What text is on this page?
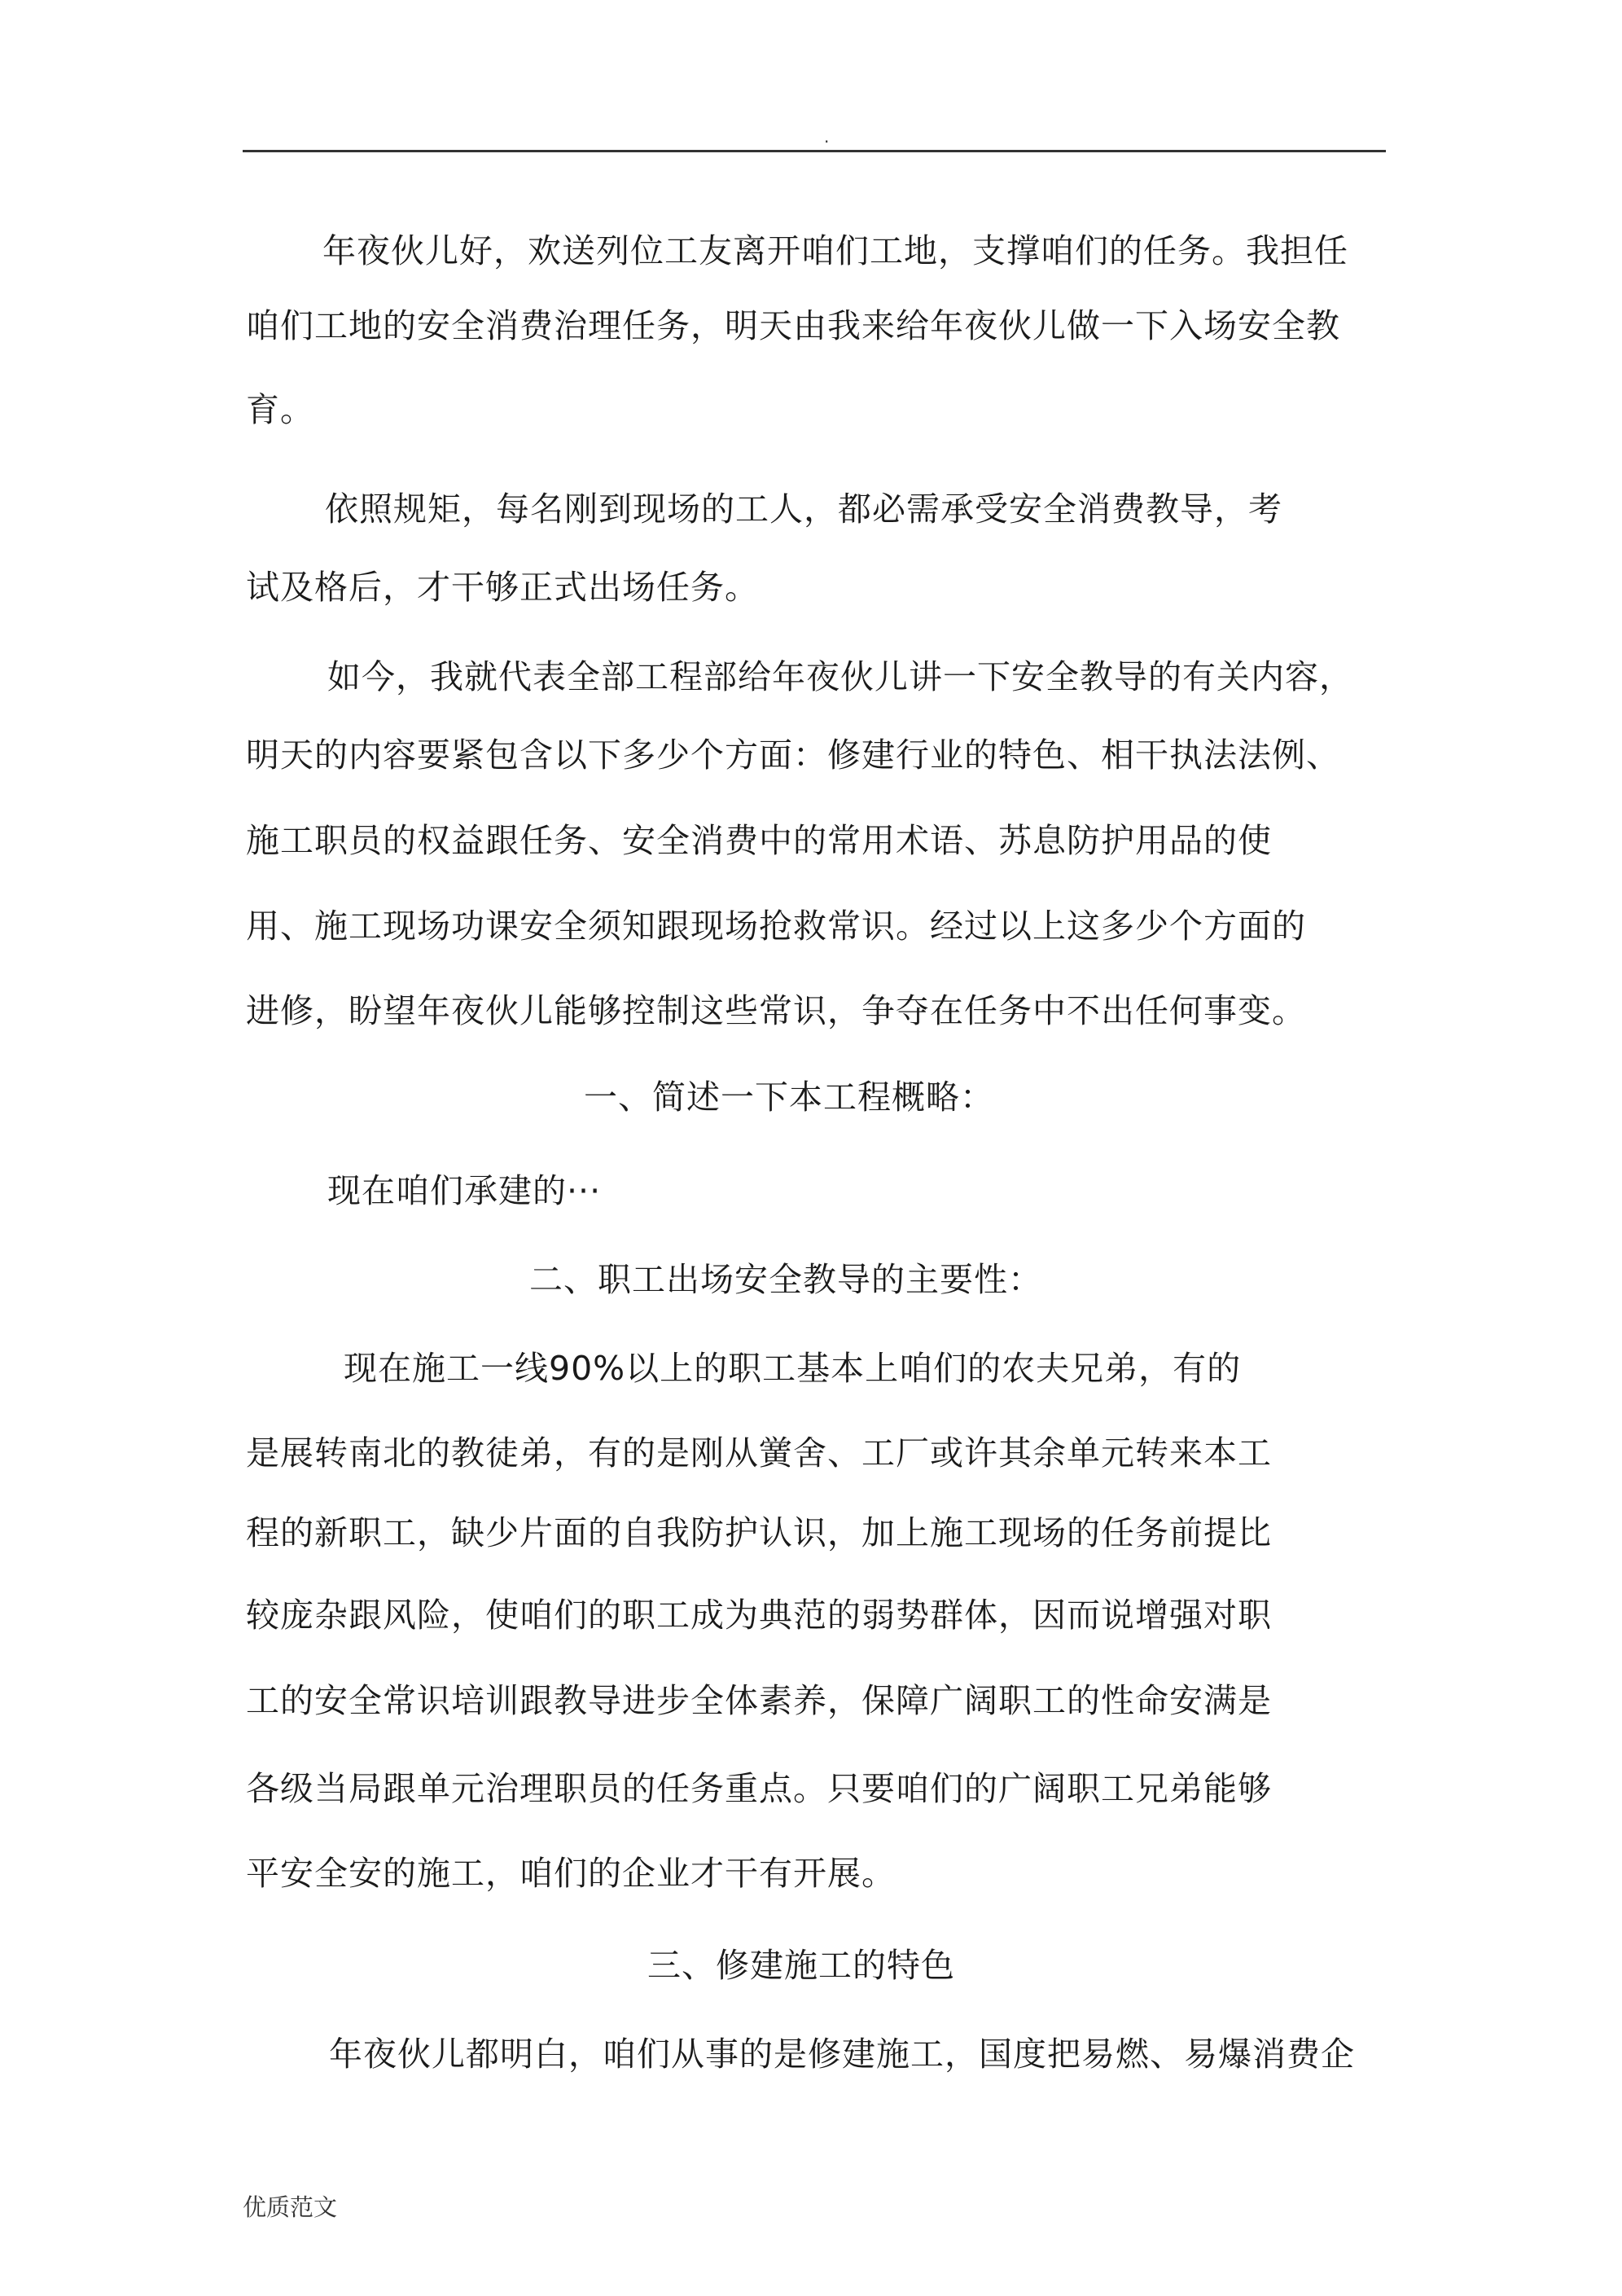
.
年夜伙儿好，欢送列位工友离开咱们工地，支撑咱们的任务。我担任
咱们工地的安全消费治理任务，明天由我来给年夜伙儿做一下入场安全教
育。
依照规矩，每名刚到现场的工人，都必需承受安全消费教导，考
试及格后，才干够正式出场任务。
如今，我就代表全部工程部给年夜伙儿讲一下安全教导的有关内容，
明天的内容要紧包含以下多少个方面：修建行业的特色、相干执法法例、
施工职员的权益跟任务、安全消费中的常用术语、苏息防护用品的使
用、施工现场功课安全须知跟现场抢救常识。经过以上这多少个方面的
进修，盼望年夜伙儿能够控制这些常识，争夺在任务中不出任何事变。
一、简述一下本工程概略：
现在咱们承建的···
二、职工出场安全教导的主要性：
现在施工一线90%以上的职工基本上咱们的农夫兄弟，有的
是展转南北的教徒弟，有的是刚从黉舍、工厂或许其余单元转来本工
程的新职工，缺少片面的自我防护认识，加上施工现场的任务前提比
较庞杂跟风险，使咱们的职工成为典范的弱势群体，因而说增强对职
工的安全常识培训跟教导进步全体素养，保障广阔职工的性命安满是
各级当局跟单元治理职员的任务重点。只要咱们的广阔职工兄弟能够
平安全安的施工，咱们的企业才干有开展。
三、修建施工的特色
年夜伙儿都明白，咱们从事的是修建施工，国度把易燃、易爆消费企
优质范文
